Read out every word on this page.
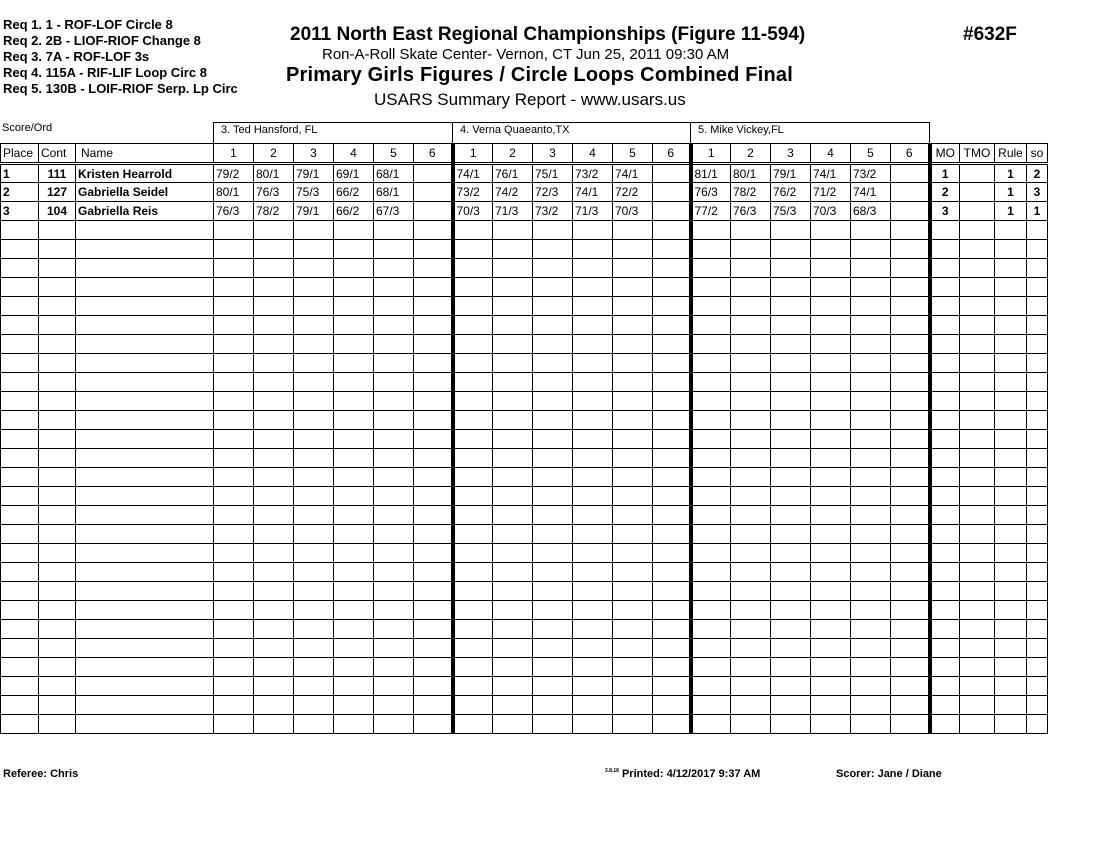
Req 1. 1 - ROF-LOF Circle 8
Req 2. 2B - LIOF-RIOF Change 8
Req 3. 7A - ROF-LOF 3s
Req 4. 115A - RIF-LIF Loop Circ 8
Req 5. 130B - LOIF-RIOF Serp. Lp Circ
2011 North East Regional Championships (Figure 11-594)
Ron-A-Roll Skate Center- Vernon, CT Jun 25, 2011 09:30 AM
Primary Girls Figures / Circle Loops Combined Final
USARS Summary Report - www.usars.us
#632F
Score/Ord	3. Ted Hansford, FL	4. Verna Quaeanto,TX	5. Mike Vickey,FL
Place	Cont	Name	1	2	3	4	5	6	1	2	3	4	5	6	1	2	3	4	5	6	MO	TMO	Rule	so
1	111	Kristen Hearrold	79/2	80/1	79/1	69/1	68/1		74/1	76/1	75/1	73/2	74/1		81/1	80/1	79/1	74/1	73/2		1		1	2
2	127	Gabriella Seidel	80/1	76/3	75/3	66/2	68/1		73/2	74/2	72/3	74/1	72/2		76/3	78/2	76/2	71/2	74/1		2		1	3
3	104	Gabriella Reis	76/3	78/2	79/1	66/2	67/3		70/3	71/3	73/2	71/3	70/3		77/2	76/3	75/3	70/3	68/3		3		1	1

Referee: Chris	$^{3.8.18}$ Printed: 4/12/2017 9:37 AM	Scorer: Jane / Diane
